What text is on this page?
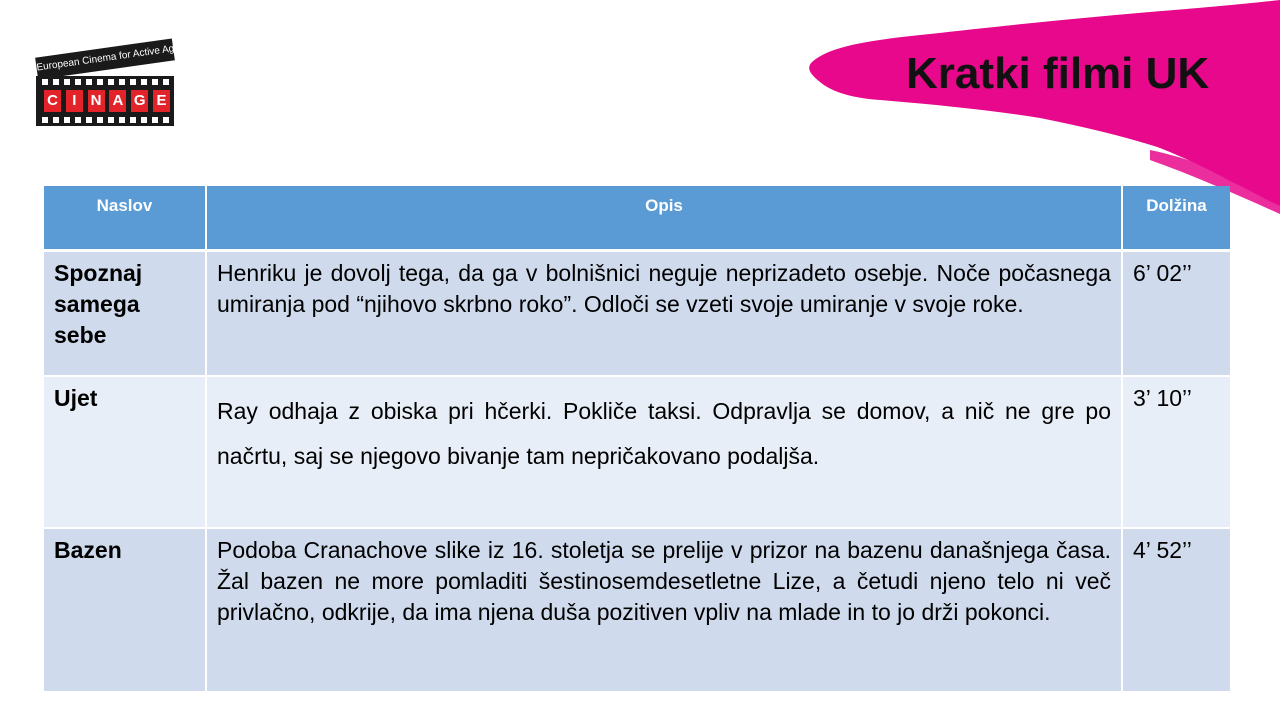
European Cinema for Active Ageing
C I N A G E
Kratki filmi UK
Naslov	Opis	Dolžina
Spoznaj samega sebe	Henriku je dovolj tega, da ga v bolnišnici neguje neprizadeto osebje. Noče počasnega umiranja pod “njihovo skrbno roko”. Odloči se vzeti svoje umiranje v svoje roke.	6’ 02’’
Ujet	Ray odhaja z obiska pri hčerki. Pokliče taksi. Odpravlja se domov, a nič ne gre po načrtu, saj se njegovo bivanje tam nepričakovano podaljša.	3’ 10’’
Bazen	Podoba Cranachove slike iz 16. stoletja se prelije v prizor na bazenu današnjega časa. Žal bazen ne more pomladiti šestinosemdesetletne Lize, a četudi njeno telo ni več privlačno, odkrije, da ima njena duša pozitiven vpliv na mlade in to jo drži pokonci.	4’ 52’’
